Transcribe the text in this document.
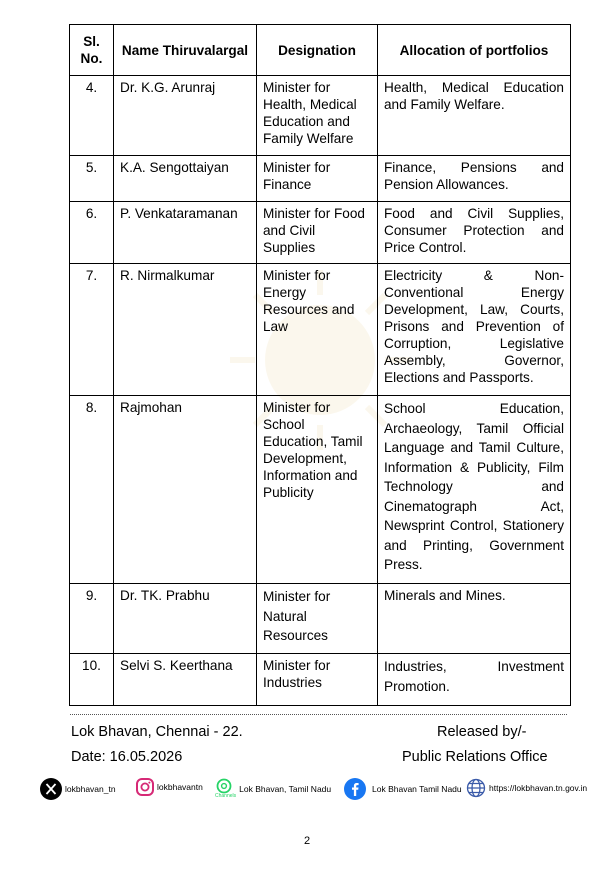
Sl. No.	Name Thiruvalargal	Designation	Allocation of portfolios
4.	Dr. K.G. Arunraj	Minister for Health, Medical Education and Family Welfare	Health, Medical Education and Family Welfare.
5.	K.A. Sengottaiyan	Minister for Finance	Finance, Pensions and Pension Allowances.
6.	P. Venkataramanan	Minister for Food and Civil Supplies	Food and Civil Supplies, Consumer Protection and Price Control.
7.	R. Nirmalkumar	Minister for Energy Resources and Law	Electricity & Non-Conventional Energy Development, Law, Courts, Prisons and Prevention of Corruption, Legislative Assembly, Governor, Elections and Passports.
8.	Rajmohan	Minister for School Education, Tamil Development, Information and Publicity	School Education, Archaeology, Tamil Official Language and Tamil Culture, Information & Publicity, Film Technology and Cinematograph Act, Newsprint Control, Stationery and Printing, Government Press.
9.	Dr. TK. Prabhu	Minister for Natural Resources	Minerals and Mines.
10.	Selvi S. Keerthana	Minister for Industries	Industries, Investment Promotion.
Lok Bhavan, Chennai - 22.
Date: 16.05.2026
Released by/-
Public Relations Office
lokbhavan_tn	lokbhavantn
Channels
Lok Bhavan, Tamil Nadu	Lok Bhavan Tamil Nadu	https://lokbhavan.tn.gov.in
2
